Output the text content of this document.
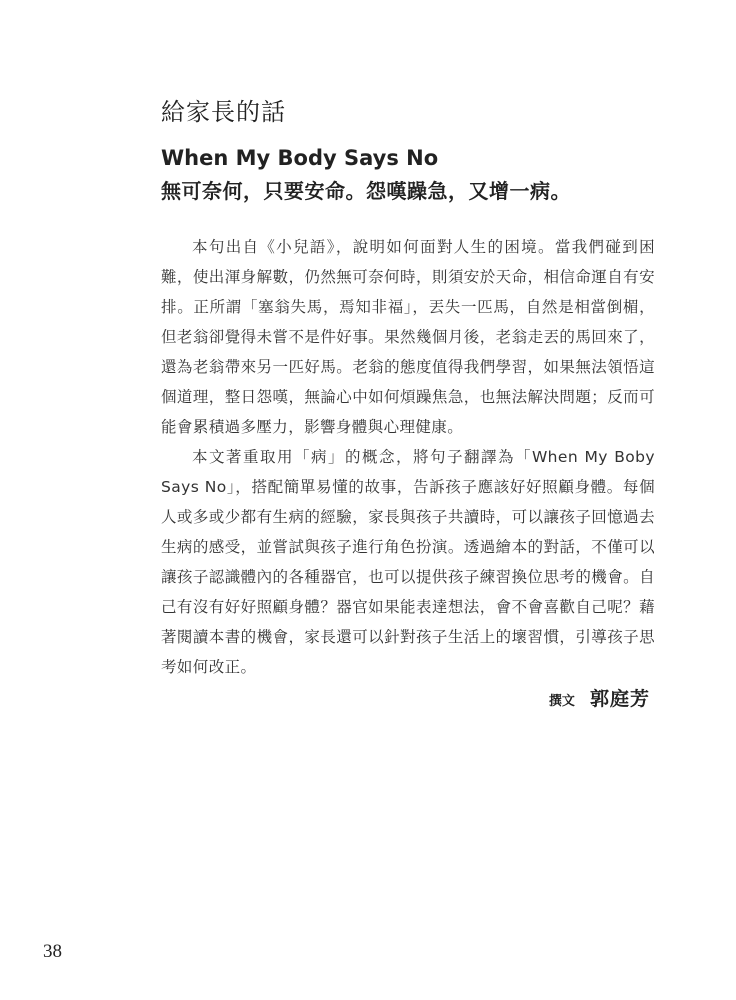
給家長的話
When My Body Says No
無可奈何，只要安命。怨嘆躁急，又增一病。

本句出自《小兒語》，說明如何面對人生的困境。當我們碰到困難，使出渾身解數，仍然無可奈何時，則須安於天命，相信命運自有安排。正所謂「塞翁失馬，焉知非福」，丟失一匹馬，自然是相當倒楣，但老翁卻覺得未嘗不是件好事。果然幾個月後，老翁走丟的馬回來了，還為老翁帶來另一匹好馬。老翁的態度值得我們學習，如果無法領悟這個道理，整日怨嘆，無論心中如何煩躁焦急，也無法解決問題；反而可能會累積過多壓力，影響身體與心理健康。

本文著重取用「病」的概念，將句子翻譯為「When My Boby Says No」，搭配簡單易懂的故事，告訴孩子應該好好照顧身體。每個人或多或少都有生病的經驗，家長與孩子共讀時，可以讓孩子回憶過去生病的感受，並嘗試與孩子進行角色扮演。透過繪本的對話，不僅可以讓孩子認識體內的各種器官，也可以提供孩子練習換位思考的機會。自己有沒有好好照顧身體？器官如果能表達想法，會不會喜歡自己呢？藉著閱讀本書的機會，家長還可以針對孩子生活上的壞習慣，引導孩子思考如何改正。

撰文 郭庭芳

38
